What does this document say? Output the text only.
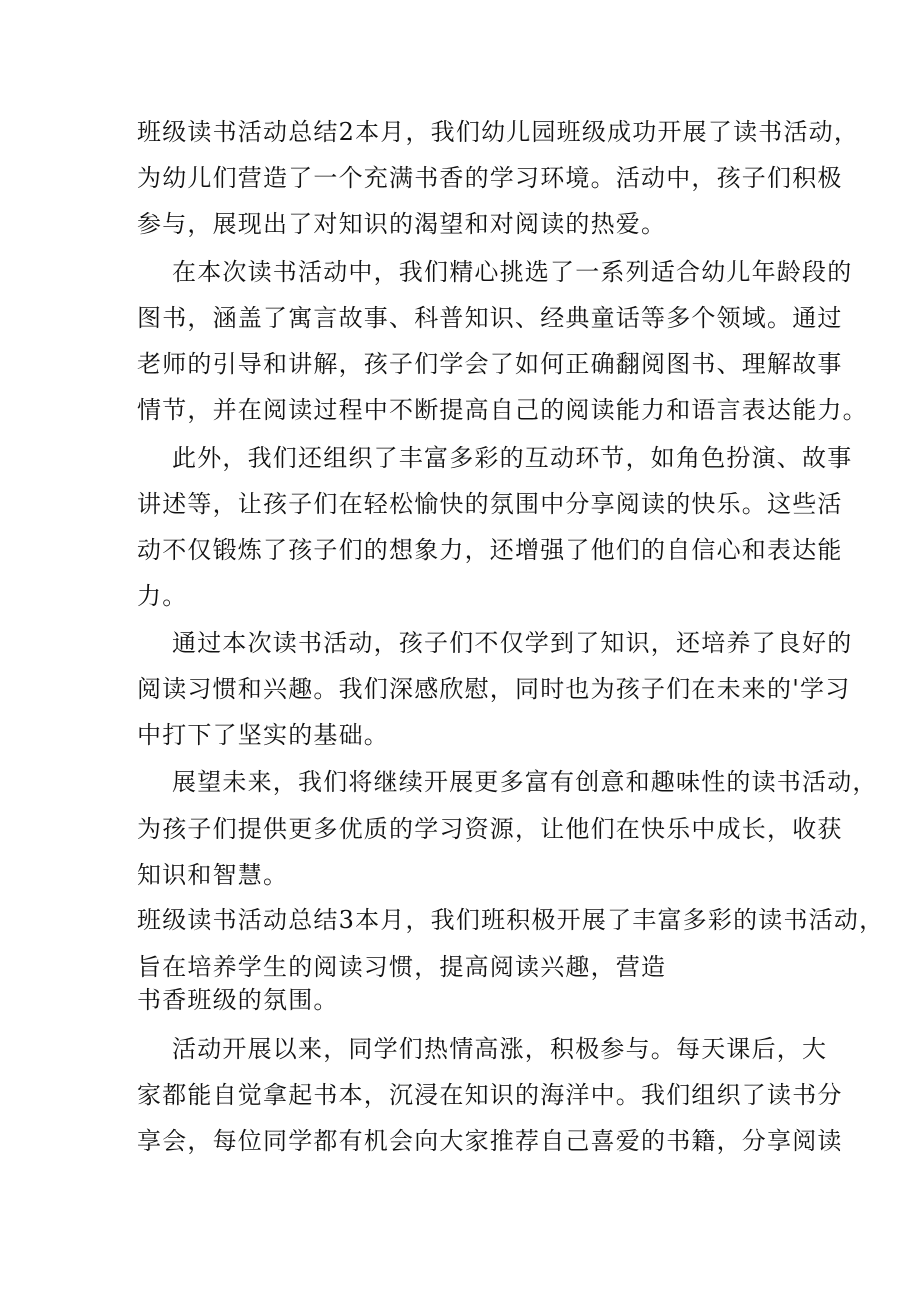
班级读书活动总结2本月，我们幼儿园班级成功开展了读书活动，
为幼儿们营造了一个充满书香的学习环境。活动中，孩子们积极
参与，展现出了对知识的渴望和对阅读的热爱。
在本次读书活动中，我们精心挑选了一系列适合幼儿年龄段的
图书，涵盖了寓言故事、科普知识、经典童话等多个领域。通过
老师的引导和讲解，孩子们学会了如何正确翻阅图书、理解故事
情节，并在阅读过程中不断提高自己的阅读能力和语言表达能力。
此外，我们还组织了丰富多彩的互动环节，如角色扮演、故事
讲述等，让孩子们在轻松愉快的氛围中分享阅读的快乐。这些活
动不仅锻炼了孩子们的想象力，还增强了他们的自信心和表达能
力。
通过本次读书活动，孩子们不仅学到了知识，还培养了良好的
阅读习惯和兴趣。我们深感欣慰，同时也为孩子们在未来的'学习
中打下了坚实的基础。
展望未来，我们将继续开展更多富有创意和趣味性的读书活动，
为孩子们提供更多优质的学习资源，让他们在快乐中成长，收获
知识和智慧。
班级读书活动总结3本月，我们班积极开展了丰富多彩的读书活动，
旨在培养学生的阅读习惯，提高阅读兴趣，营造
书香班级的氛围。
活动开展以来，同学们热情高涨，积极参与。每天课后，大
家都能自觉拿起书本，沉浸在知识的海洋中。我们组织了读书分
享会，每位同学都有机会向大家推荐自己喜爱的书籍，分享阅读
